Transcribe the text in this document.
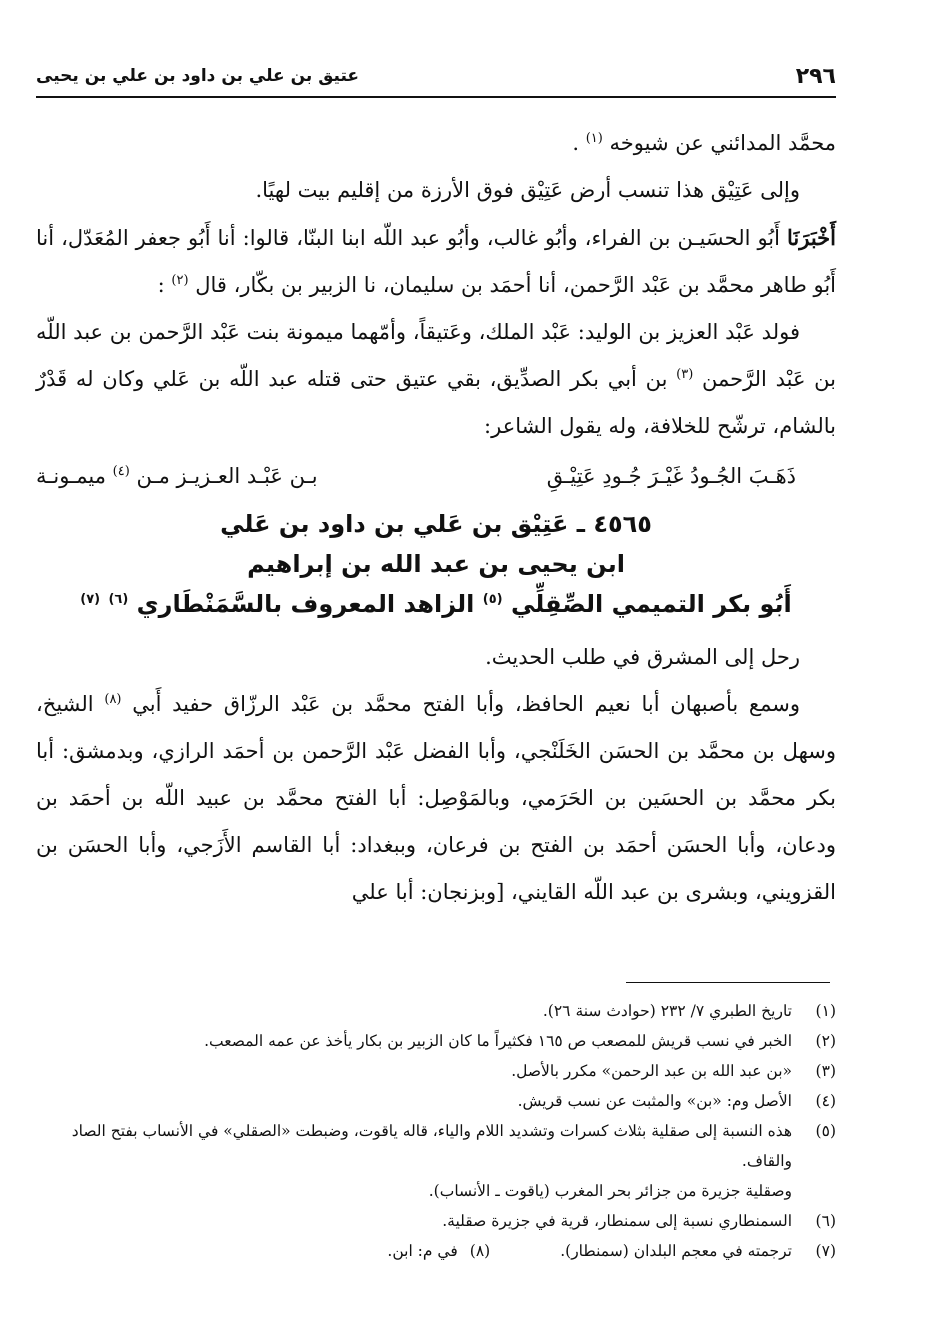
٢٩٦
عتيق بن علي بن داود بن علي بن يحيى

محمَّد المدائني عن شيوخه $^{(١)}$ .

وإلى عَتِيْق هذا تنسب أرض عَتِيْق فوق الأرزة من إقليم بيت لهيًا.

أَخْبَرَنَا أَبُو الحسَيـن بن الفراء، وأبُو غالب، وأبُو عبد اللّه ابنا البنّا، قالوا: أنا أَبُو جعفر المُعَدّل، أنا أَبُو طاهر محمَّد بن عَبْد الرَّحمن، أنا أحمَد بن سليمان، نا الزبير بن بكّار، قال $^{(٢)}$ :

فولد عَبْد العزيز بن الوليد: عَبْد الملك، وعَتيقاً، وأمّهما ميمونة بنت عَبْد الرَّحمن بن عبد اللّه بن عَبْد الرَّحمن $^{(٣)}$ بن أبي بكر الصدِّيق، بقي عتيق حتى قتله عبد اللّه بن عَلي وكان له قَدْرٌ بالشام، ترشّح للخلافة، وله يقول الشاعر:

ذَهَـبَ الجُـودُ غَيْـرَ جُـودِ عَتِيْـقِ
بـن عَبْـد العـزيـز مـن $^{(٤)}$ ميمـونـة
٤٥٦٥ ـ عَتِيْق بن عَلي بن داود بن عَلي
ابن يحيى بن عبد الله بن إبراهيم
أَبُو بكر التميمي الصِّقِلِّي $^{(٥)}$ الزاهد المعروف بالسَّمَنْطَاري $^{(٦)}$ $^{(٧)}$

رحل إلى المشرق في طلب الحديث.

وسمع بأصبهان أبا نعيم الحافظ، وأبا الفتح محمَّد بن عَبْد الرزّاق حفيد أَبي $^{(٨)}$ الشيخ، وسهل بن محمَّد بن الحسَن الخَلَنْجي، وأبا الفضل عَبْد الرَّحمن بن أحمَد الرازي، وبدمشق: أبا بكر محمَّد بن الحسَين بن الحَرَمي، وبالمَوْصِل: أبا الفتح محمَّد بن عبيد اللّه بن أحمَد بن ودعان، وأبا الحسَن أحمَد بن الفتح بن فرعان، وببغداد: أبا القاسم الأَزَجي، وأبا الحسَن بن القزويني، وبشرى بن عبد اللّه القايني، [وبزنجان: أبا علي

(١)
تاريخ الطبري ٧/ ٢٣٢ (حوادث سنة ٢٦).
(٢)
الخبر في نسب قريش للمصعب ص ١٦٥ فكثيراً ما كان الزبير بن بكار يأخذ عن عمه المصعب.
(٣)
«بن عبد الله بن عبد الرحمن» مكرر بالأصل.
(٤)
الأصل وم: «بن» والمثبت عن نسب قريش.
(٥)
هذه النسبة إلى صقلية بثلاث كسرات وتشديد اللام والياء، قاله ياقوت، وضبطت «الصقلي» في الأنساب بفتح الصاد والقاف.
وصقلية جزيرة من جزائر بحر المغرب (ياقوت ـ الأنساب).
(٦)
السمنطاري نسبة إلى سمنطار، قرية في جزيرة صقلية.
(٧)
ترجمته في معجم البلدان (سمنطار).
(٨)
في م: ابن.
